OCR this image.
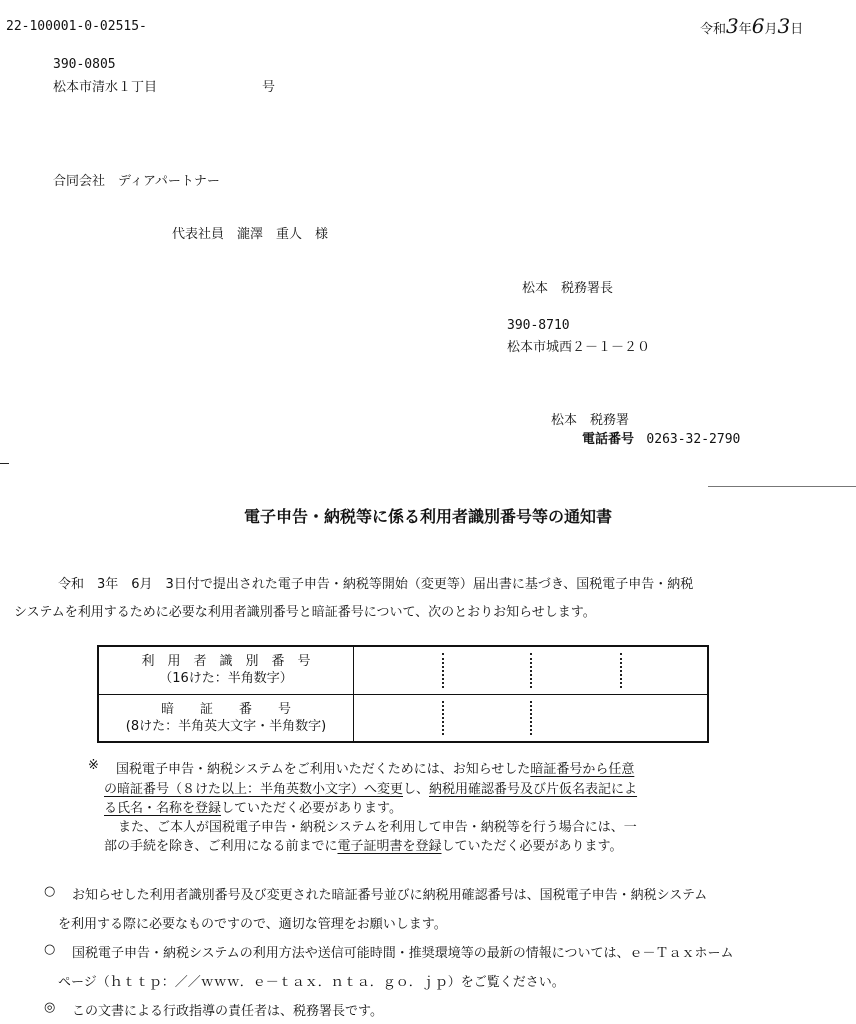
22-100001-0-02515-	令和3年6月3日
390-0805
松本市清水１丁目	号
合同会社　ディアパートナー
代表社員　瀧澤　重人　様
松本　税務署長
390-8710
松本市城西２－１－２０
松本　税務署
電話番号 0263-32-2790
電子申告・納税等に係る利用者識別番号等の通知書
令和　3年　6月　3日付で提出された電子申告・納税等開始（変更等）届出書に基づき、国税電子申告・納税
システムを利用するために必要な利用者識別番号と暗証番号について、次のとおりお知らせします。
利　用　者　識　別　番　号
（16けた：半角数字）	

暗　　証　　番　　号
(8けた：半角英大文字・半角数字)	

※ 国税電子申告・納税システムをご利用いただくためには、お知らせした暗証番号から任意
の暗証番号（８けた以上：半角英数小文字）へ変更し、納税用確認番号及び片仮名表記によ
る氏名・名称を登録していただく必要があります。
また、ご本人が国税電子申告・納税システムを利用して申告・納税等を行う場合には、一
部の手続を除き、ご利用になる前までに電子証明書を登録していただく必要があります。
○ お知らせした利用者識別番号及び変更された暗証番号並びに納税用確認番号は、国税電子申告・納税システム
を利用する際に必要なものですので、適切な管理をお願いします。
○ 国税電子申告・納税システムの利用方法や送信可能時間・推奨環境等の最新の情報については、ｅ－Ｔａｘホーム
ページ（ｈｔｔｐ：／／ｗｗｗ．ｅ－ｔａｘ．ｎｔａ．ｇｏ．ｊｐ）をご覧ください。
◎ この文書による行政指導の責任者は、税務署長です。
